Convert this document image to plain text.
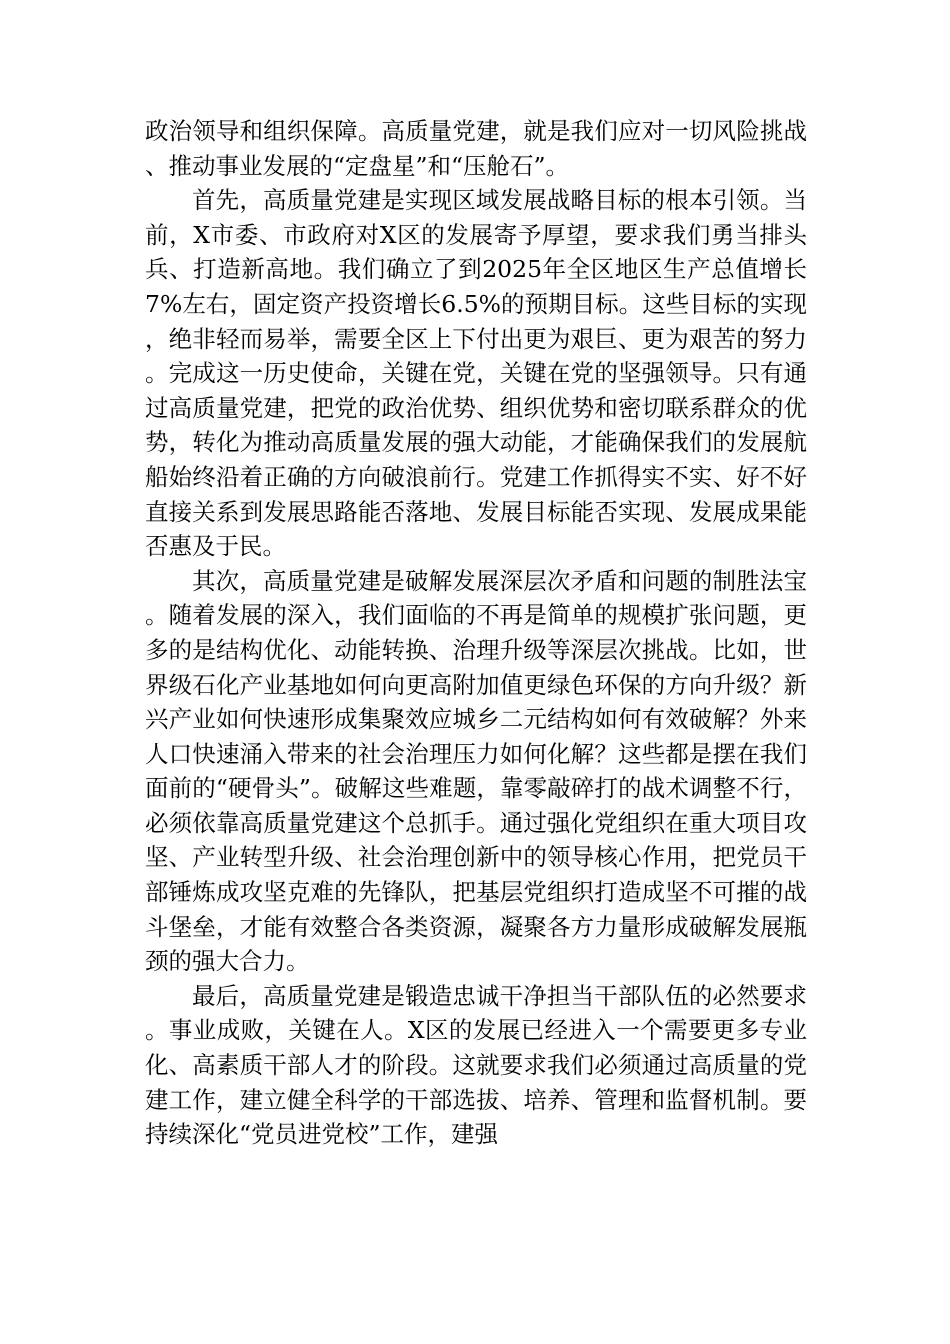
政治领导和组织保障。高质量党建，就是我们应对一切风险挑战、推动事业发展的“定盘星”和“压舱石”。

首先，高质量党建是实现区域发展战略目标的根本引领。当前，X市委、市政府对X区的发展寄予厚望，要求我们勇当排头兵、打造新高地。我们确立了到2025年全区地区生产总值增长7%左右，固定资产投资增长6.5%的预期目标。这些目标的实现，绝非轻而易举，需要全区上下付出更为艰巨、更为艰苦的努力。完成这一历史使命，关键在党，关键在党的坚强领导。只有通过高质量党建，把党的政治优势、组织优势和密切联系群众的优势，转化为推动高质量发展的强大动能，才能确保我们的发展航船始终沿着正确的方向破浪前行。党建工作抓得实不实、好不好直接关系到发展思路能否落地、发展目标能否实现、发展成果能否惠及于民。

其次，高质量党建是破解发展深层次矛盾和问题的制胜法宝。随着发展的深入，我们面临的不再是简单的规模扩张问题，更多的是结构优化、动能转换、治理升级等深层次挑战。比如，世界级石化产业基地如何向更高附加值更绿色环保的方向升级？新兴产业如何快速形成集聚效应城乡二元结构如何有效破解？外来人口快速涌入带来的社会治理压力如何化解？这些都是摆在我们面前的“硬骨头”。破解这些难题，靠零敲碎打的战术调整不行，必须依靠高质量党建这个总抓手。通过强化党组织在重大项目攻坚、产业转型升级、社会治理创新中的领导核心作用，把党员干部锤炼成攻坚克难的先锋队，把基层党组织打造成坚不可摧的战斗堡垒，才能有效整合各类资源，凝聚各方力量形成破解发展瓶颈的强大合力。

最后，高质量党建是锻造忠诚干净担当干部队伍的必然要求。事业成败，关键在人。X区的发展已经进入一个需要更多专业化、高素质干部人才的阶段。这就要求我们必须通过高质量的党建工作，建立健全科学的干部选拔、培养、管理和监督机制。要持续深化“党员进党校”工作，建强
